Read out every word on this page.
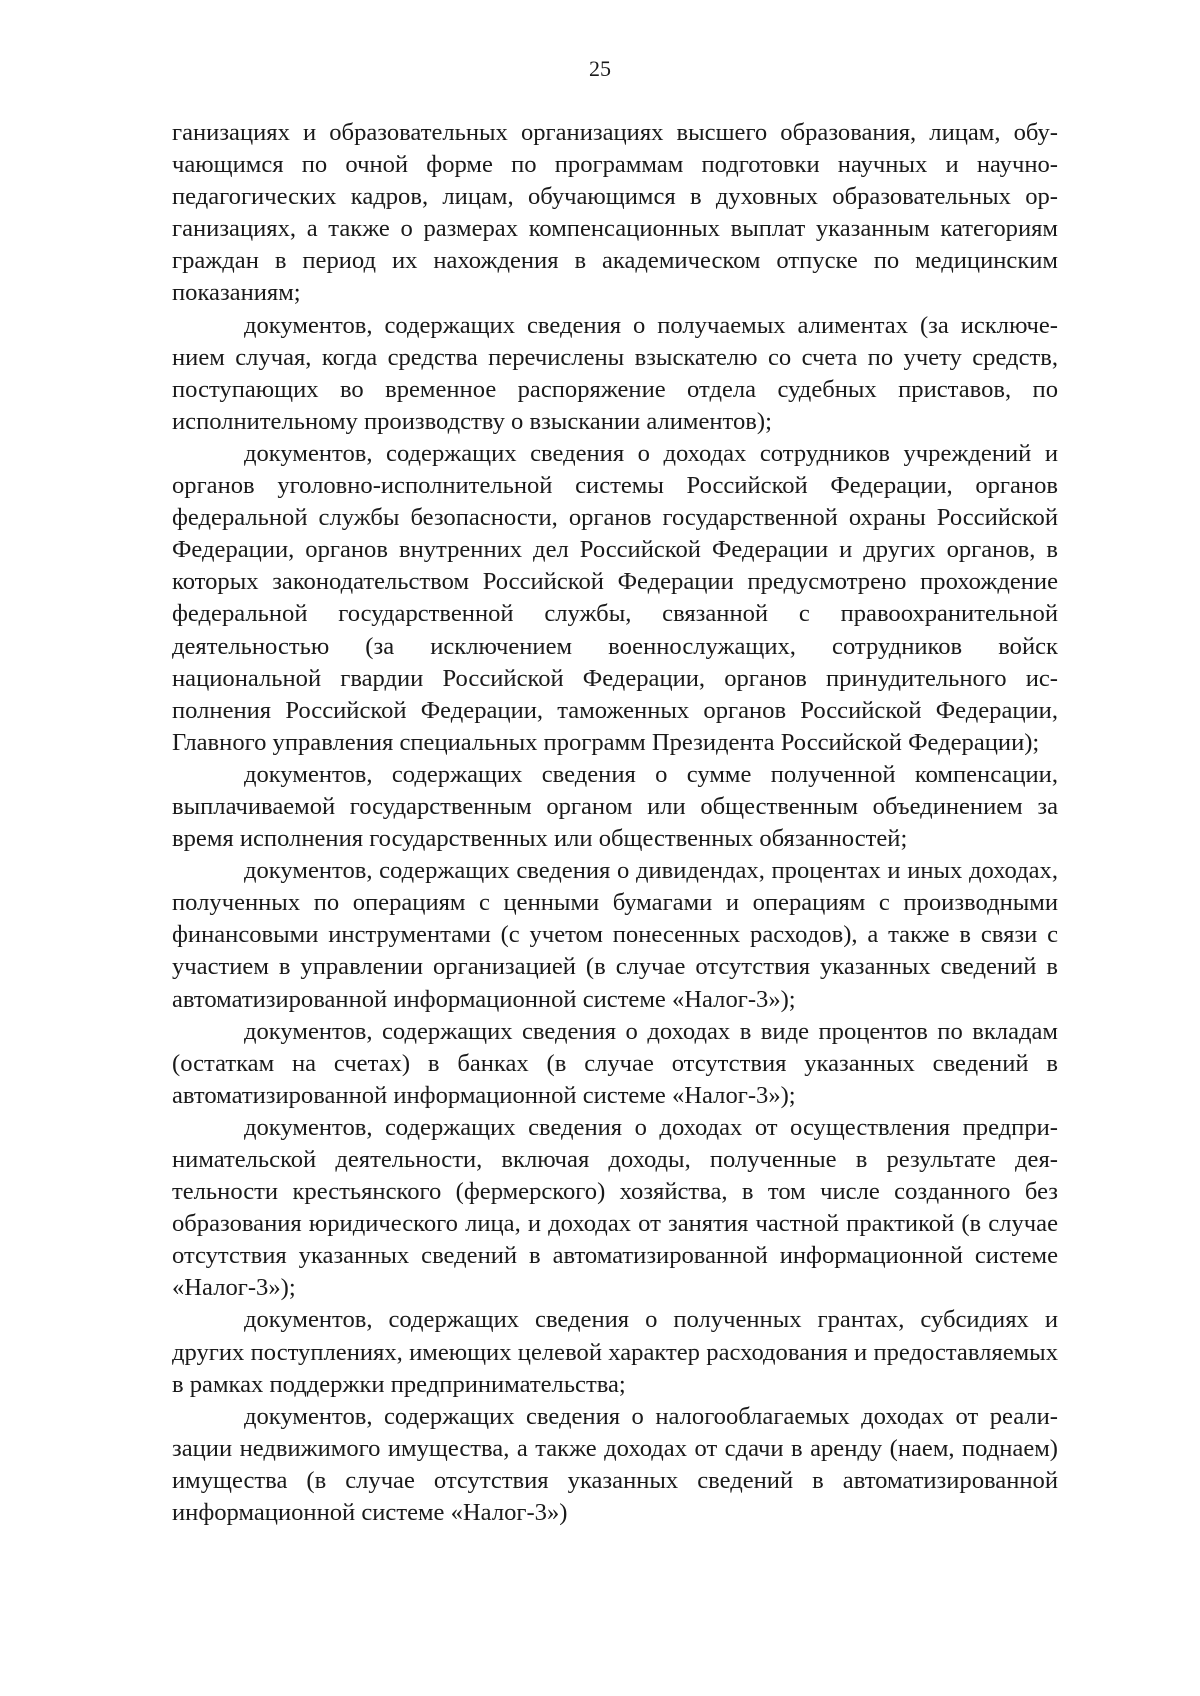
25

ганизациях и образовательных организациях высшего образования, лицам, обучающимся по очной форме по программам подготовки научных и научно-педагогических кадров, лицам, обучающимся в духовных образовательных организациях, а также о размерах компенсационных выплат указанным категориям граждан в период их нахождения в академическом отпуске по медицинским показаниям;

документов, содержащих сведения о получаемых алиментах (за исключением случая, когда средства перечислены взыскателю со счета по учету средств, поступающих во временное распоряжение отдела судебных приставов, по исполнительному производству о взыскании алиментов);

документов, содержащих сведения о доходах сотрудников учреждений и органов уголовно-исполнительной системы Российской Федерации, органов федеральной службы безопасности, органов государственной охраны Российской Федерации, органов внутренних дел Российской Федерации и других органов, в которых законодательством Российской Федерации предусмотрено прохождение федеральной государственной службы, связанной с правоохранительной деятельностью (за исключением военнослужащих, сотрудников войск национальной гвардии Российской Федерации, органов принудительного исполнения Российской Федерации, таможенных органов Российской Федерации, Главного управления специальных программ Президента Российской Федерации);

документов, содержащих сведения о сумме полученной компенсации, выплачиваемой государственным органом или общественным объединением за время исполнения государственных или общественных обязанностей;

документов, содержащих сведения о дивидендах, процентах и иных доходах, полученных по операциям с ценными бумагами и операциям с производными финансовыми инструментами (с учетом понесенных расходов), а также в связи с участием в управлении организацией (в случае отсутствия указанных сведений в автоматизированной информационной системе «Налог-3»);

документов, содержащих сведения о доходах в виде процентов по вкладам (остаткам на счетах) в банках (в случае отсутствия указанных сведений в автоматизированной информационной системе «Налог-3»);

документов, содержащих сведения о доходах от осуществления предпринимательской деятельности, включая доходы, полученные в результате деятельности крестьянского (фермерского) хозяйства, в том числе созданного без образования юридического лица, и доходах от занятия частной практикой (в случае отсутствия указанных сведений в автоматизированной информационной системе «Налог-3»);

документов, содержащих сведения о полученных грантах, субсидиях и других поступлениях, имеющих целевой характер расходования и предоставляемых в рамках поддержки предпринимательства;

документов, содержащих сведения о налогооблагаемых доходах от реализации недвижимого имущества, а также доходах от сдачи в аренду (наем, поднаем) имущества (в случае отсутствия указанных сведений в автоматизированной информационной системе «Налог-3»)
